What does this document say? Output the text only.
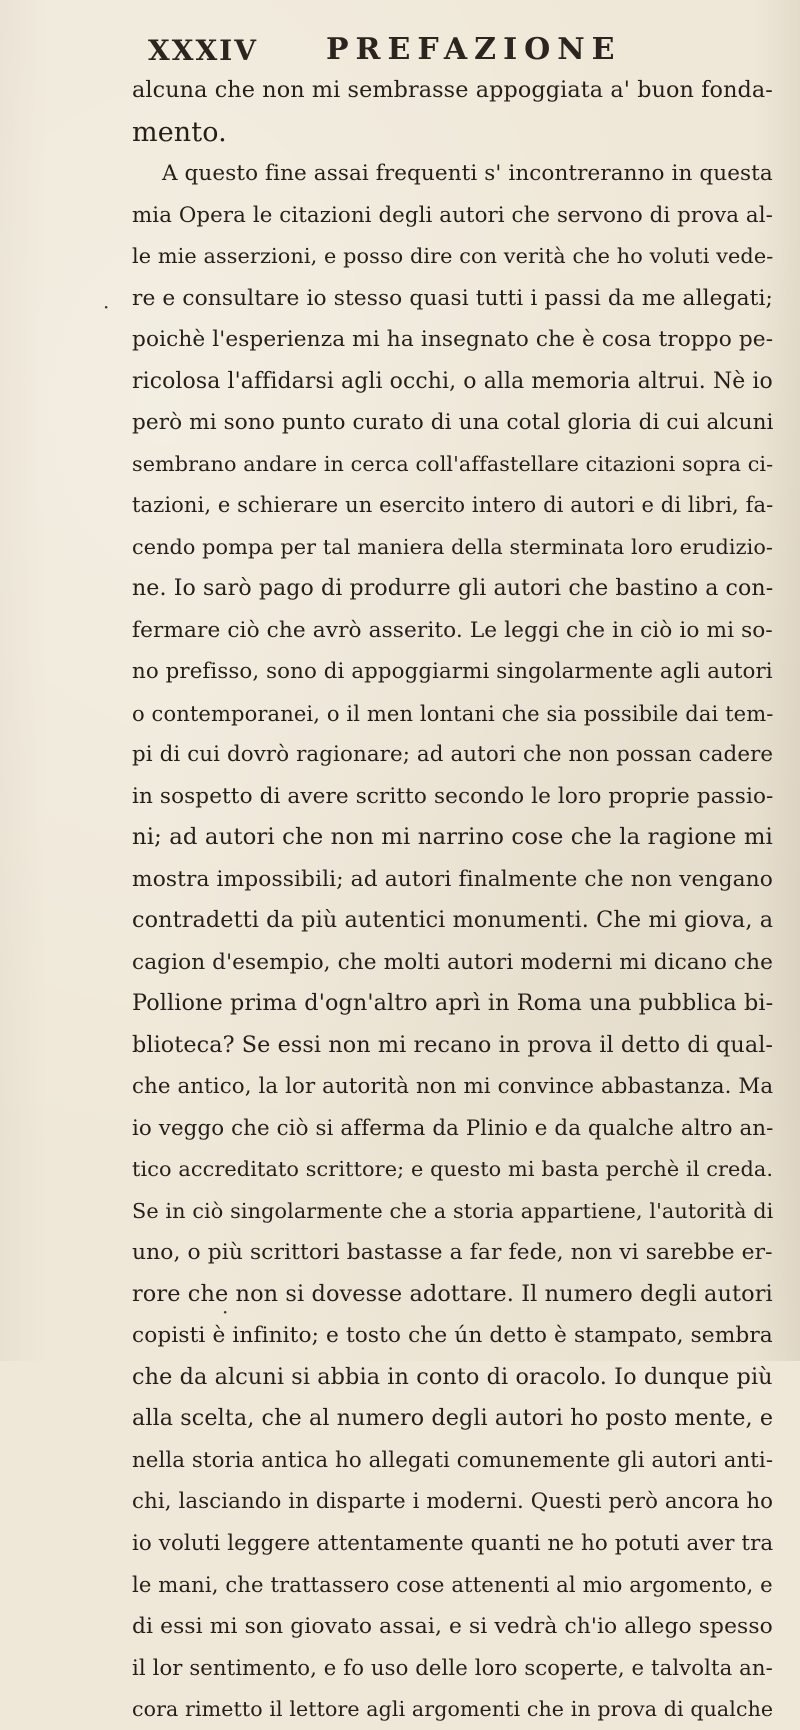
XXXIV PREFAZIONE
alcuna che non mi sembrasse appoggiata a' buon fonda-
mento.
A questo fine assai frequenti s' incontreranno in questa
mia Opera le citazioni degli autori che servono di prova al-
le mie asserzioni, e posso dire con verità che ho voluti vede-
re e consultare io stesso quasi tutti i passi da me allegati;
poichè l'esperienza mi ha insegnato che è cosa troppo pe-
ricolosa l'affidarsi agli occhi, o alla memoria altrui. Nè io
però mi sono punto curato di una cotal gloria di cui alcuni
sembrano andare in cerca coll'affastellare citazioni sopra ci-
tazioni, e schierare un esercito intero di autori e di libri, fa-
cendo pompa per tal maniera della sterminata loro erudizio-
ne. Io sarò pago di produrre gli autori che bastino a con-
fermare ciò che avrò asserito. Le leggi che in ciò io mi so-
no prefisso, sono di appoggiarmi singolarmente agli autori
o contemporanei, o il men lontani che sia possibile dai tem-
pi di cui dovrò ragionare; ad autori che non possan cadere
in sospetto di avere scritto secondo le loro proprie passio-
ni; ad autori che non mi narrino cose che la ragione mi
mostra impossibili; ad autori finalmente che non vengano
contradetti da più autentici monumenti. Che mi giova, a
cagion d'esempio, che molti autori moderni mi dicano che
Pollione prima d'ogn'altro aprì in Roma una pubblica bi-
blioteca? Se essi non mi recano in prova il detto di qual-
che antico, la lor autorità non mi convince abbastanza. Ma
io veggo che ciò si afferma da Plinio e da qualche altro an-
tico accreditato scrittore; e questo mi basta perchè il creda.
Se in ciò singolarmente che a storia appartiene, l'autorità di
uno, o più scrittori bastasse a far fede, non vi sarebbe er-
rore che non si dovesse adottare. Il numero degli autori
copisti è infinito; e tosto che ún detto è stampato, sembra
che da alcuni si abbia in conto di oracolo. Io dunque più
alla scelta, che al numero degli autori ho posto mente, e
nella storia antica ho allegati comunemente gli autori anti-
chi, lasciando in disparte i moderni. Questi però ancora ho
io voluti leggere attentamente quanti ne ho potuti aver tra
le mani, che trattassero cose attenenti al mio argomento, e
di essi mi son giovato assai, e si vedrà ch'io allego spesso
il lor sentimento, e fo uso delle loro scoperte, e talvolta an-
cora rimetto il lettore agli argomenti che in prova di qualche
·
·
